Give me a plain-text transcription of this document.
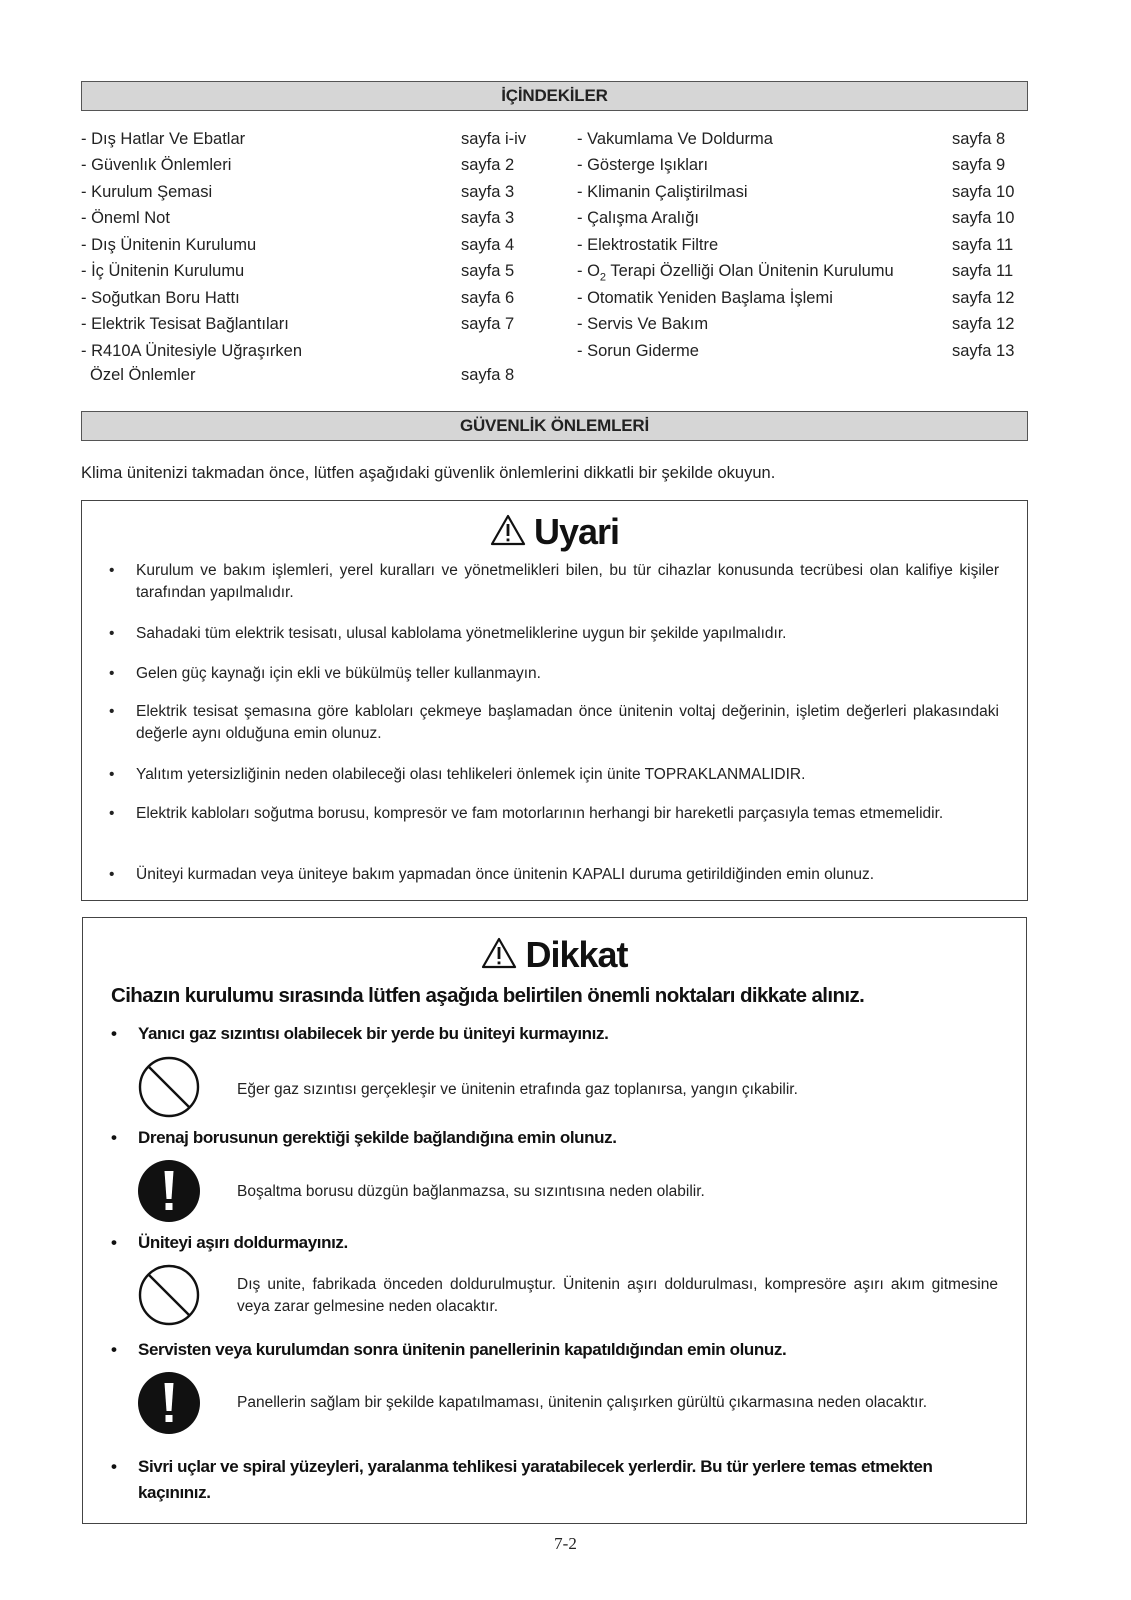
İÇİNDEKİLER
- Dış Hatlar Ve Ebatlar	sayfa i-iv
- Güvenlık Önlemleri	sayfa 2
- Kurulum Şemasi	sayfa 3
- Öneml Not	sayfa 3
- Dış Ünitenin Kurulumu	sayfa 4
- İç Ünitenin Kurulumu	sayfa 5
- Soğutkan Boru Hattı	sayfa 6
- Elektrik Tesisat Bağlantıları	sayfa 7
- R410A Ünitesiyle Uğraşırken
Özel Önlemler	sayfa 8
- Vakumlama Ve Doldurma	sayfa 8
- Gösterge Işıkları	sayfa 9
- Klimanin Çaliştirilmasi	sayfa 10
- Çalışma Aralığı	sayfa 10
- Elektrostatik Filtre	sayfa 11
- $O_2$ Terapi Özelliği Olan Ünitenin Kurulumu	sayfa 11
- Otomatik Yeniden Başlama İşlemi	sayfa 12
- Servis Ve Bakım	sayfa 12
- Sorun Giderme	sayfa 13
GÜVENLİK ÖNLEMLERİ
Klima ünitenizi takmadan önce, lütfen aşağıdaki güvenlik önlemlerini dikkatli bir şekilde okuyun.
Uyari
• Kurulum ve bakım işlemleri, yerel kuralları ve yönetmelikleri bilen, bu tür cihazlar konusunda tecrübesi olan kalifiye kişiler tarafından yapılmalıdır.
• Sahadaki tüm elektrik tesisatı, ulusal kablolama yönetmeliklerine uygun bir şekilde yapılmalıdır.
• Gelen güç kaynağı için ekli ve bükülmüş teller kullanmayın.
• Elektrik tesisat şemasına göre kabloları çekmeye başlamadan önce ünitenin voltaj değerinin, işletim değerleri plakasındaki değerle aynı olduğuna emin olunuz.
• Yalıtım yetersizliğinin neden olabileceği olası tehlikeleri önlemek için ünite TOPRAKLANMALIDIR.
• Elektrik kabloları soğutma borusu, kompresör ve fam motorlarının herhangi bir hareketli parçasıyla temas etmemelidir.
• Üniteyi kurmadan veya üniteye bakım yapmadan önce ünitenin KAPALI duruma getirildiğinden emin olunuz.
Dikkat
Cihazın kurulumu sırasında lütfen aşağıda belirtilen önemli noktaları dikkate alınız.
• Yanıcı gaz sızıntısı olabilecek bir yerde bu üniteyi kurmayınız.
Eğer gaz sızıntısı gerçekleşir ve ünitenin etrafında gaz toplanırsa, yangın çıkabilir.
• Drenaj borusunun gerektiği şekilde bağlandığına emin olunuz.
Boşaltma borusu düzgün bağlanmazsa, su sızıntısına neden olabilir.
• Üniteyi aşırı doldurmayınız.
Dış unite, fabrikada önceden doldurulmuştur. Ünitenin aşırı doldurulması, kompresöre aşırı akım gitmesine veya zarar gelmesine neden olacaktır.
• Servisten veya kurulumdan sonra ünitenin panellerinin kapatıldığından emin olunuz.
Panellerin sağlam bir şekilde kapatılmaması, ünitenin çalışırken gürültü çıkarmasına neden olacaktır.
• Sivri uçlar ve spiral yüzeyleri, yaralanma tehlikesi yaratabilecek yerlerdir. Bu tür yerlere temas etmekten kaçınınız.
7-2
